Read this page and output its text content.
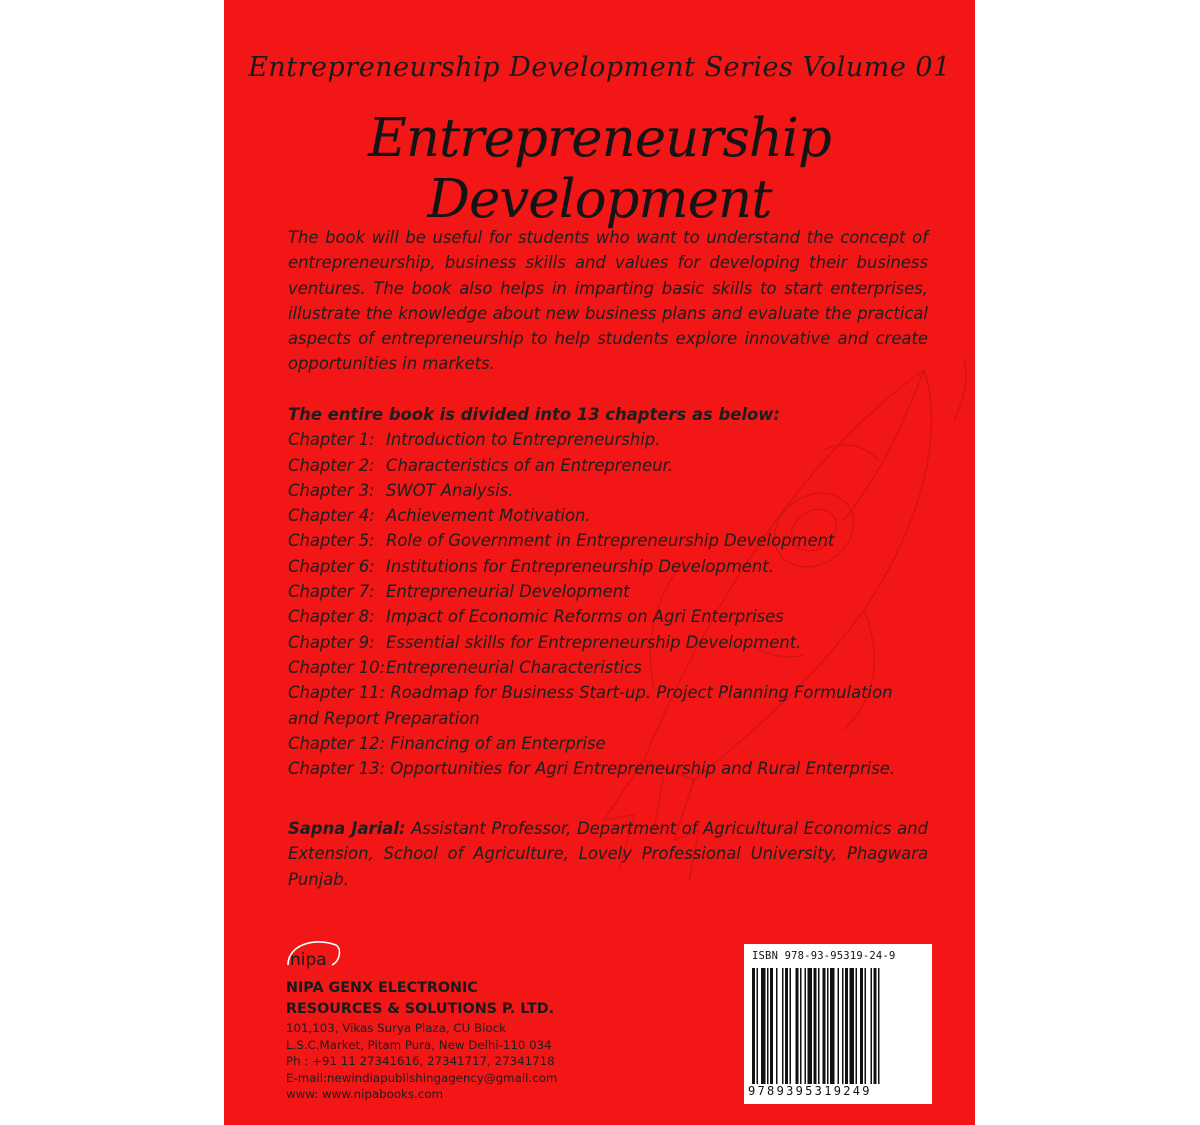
Entrepreneurship Development Series Volume 01
Entrepreneurship Development
The book will be useful for students who want to understand the concept of entrepreneurship, business skills and values for developing their business ventures. The book also helps in imparting basic skills to start enterprises, illustrate the knowledge about new business plans and evaluate the practical aspects of entrepreneurship to help students explore innovative and create opportunities in markets.
The entire book is divided into 13 chapters as below:
Chapter 1: Introduction to Entrepreneurship.
Chapter 2: Characteristics of an Entrepreneur.
Chapter 3: SWOT Analysis.
Chapter 4: Achievement Motivation.
Chapter 5: Role of Government in Entrepreneurship Development
Chapter 6: Institutions for Entrepreneurship Development.
Chapter 7: Entrepreneurial Development
Chapter 8: Impact of Economic Reforms on Agri Enterprises
Chapter 9: Essential skills for Entrepreneurship Development.
Chapter 10:Entrepreneurial Characteristics
Chapter 11: Roadmap for Business Start-up. Project Planning Formulation and Report Preparation
Chapter 12: Financing of an Enterprise
Chapter 13: Opportunities for Agri Entrepreneurship and Rural Enterprise.
Sapna Jarial: Assistant Professor, Department of Agricultural Economics and Extension, School of Agriculture, Lovely Professional University, Phagwara Punjab.
nipa
NIPA GENX ELECTRONIC
RESOURCES & SOLUTIONS P. LTD.
101,103, Vikas Surya Plaza, CU Block
L.S.C.Market, Pitam Pura, New Delhi-110 034
Ph : +91 11 27341616, 27341717, 27341718
E-mail:newindiapublishingagency@gmail.com
www: www.nipabooks.com
ISBN 978-93-95319-24-9
9789395319249
